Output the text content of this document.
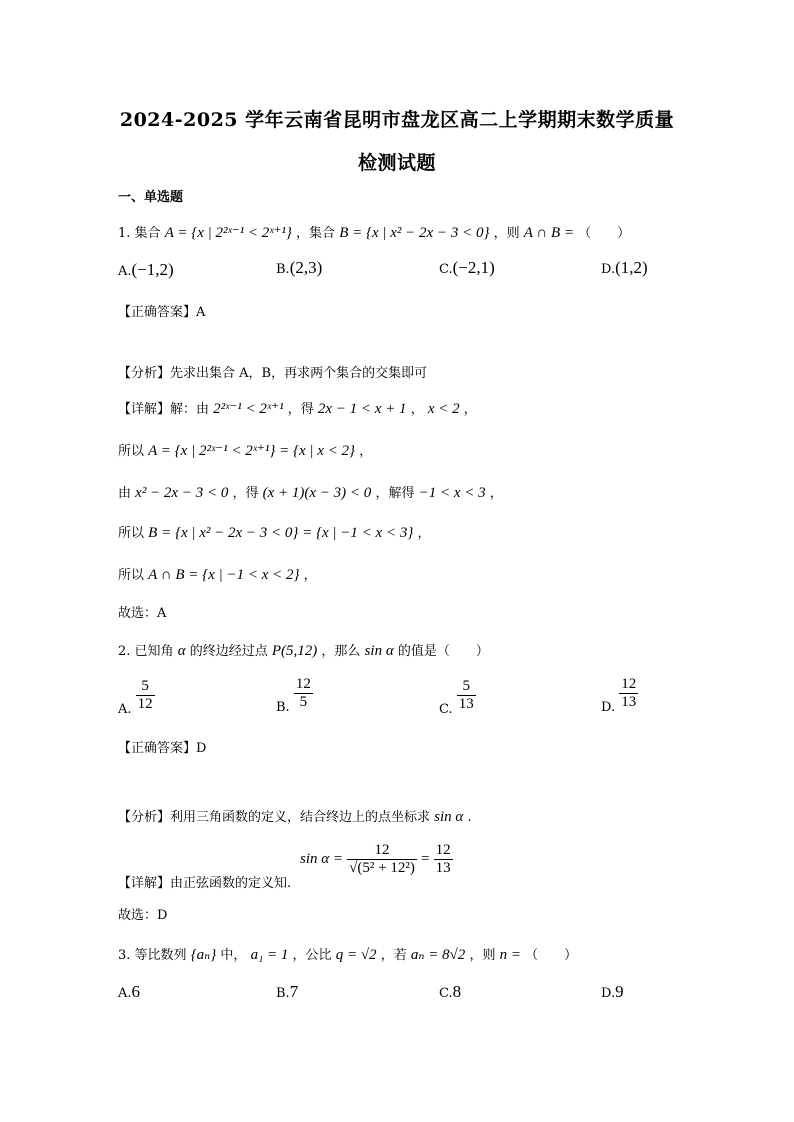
2024-2025 学年云南省昆明市盘龙区高二上学期期末数学质量
检测试题
一、单选题
1. 集合 A = {x | 2²ˣ⁻¹ < 2ˣ⁺¹} ，集合 B = {x | x² − 2x − 3 < 0} ，则 A ∩ B = （　　）
A.(−1,2)	B.(2,3)	C.(−2,1)	D.(1,2)
【正确答案】A
【分析】先求出集合 A，B，再求两个集合的交集即可
【详解】解：由 2²ˣ⁻¹ < 2ˣ⁺¹ ，得 2x − 1 < x + 1 ， x < 2 ，
所以 A = {x | 2²ˣ⁻¹ < 2ˣ⁺¹} = {x | x < 2} ，
由 x² − 2x − 3 < 0 ，得 (x + 1)(x − 3) < 0 ，解得 −1 < x < 3 ，
所以 B = {x | x² − 2x − 3 < 0} = {x | −1 < x < 3} ，
所以 A ∩ B = {x | −1 < x < 2} ，
故选：A
2. 已知角 α 的终边经过点 P(5,12) ，那么 sin α 的值是（　　）
A. $\frac{5}{12}$	B. $\frac{12}{5}$	C. $\frac{5}{13}$	D. $\frac{12}{13}$
【正确答案】D
【分析】利用三角函数的定义，结合终边上的点坐标求 sin α .
【详解】由正弦函数的定义知.
$\sin \alpha = \frac{12}{\text{√(5² + 12²)}} = \frac{12}{13}$
故选：D
3. 等比数列 {aₙ} 中， a₁ = 1 ，公比 q = √2 ，若 aₙ = 8√2 ，则 n = （　　）
A.6	B.7	C.8	D.9
